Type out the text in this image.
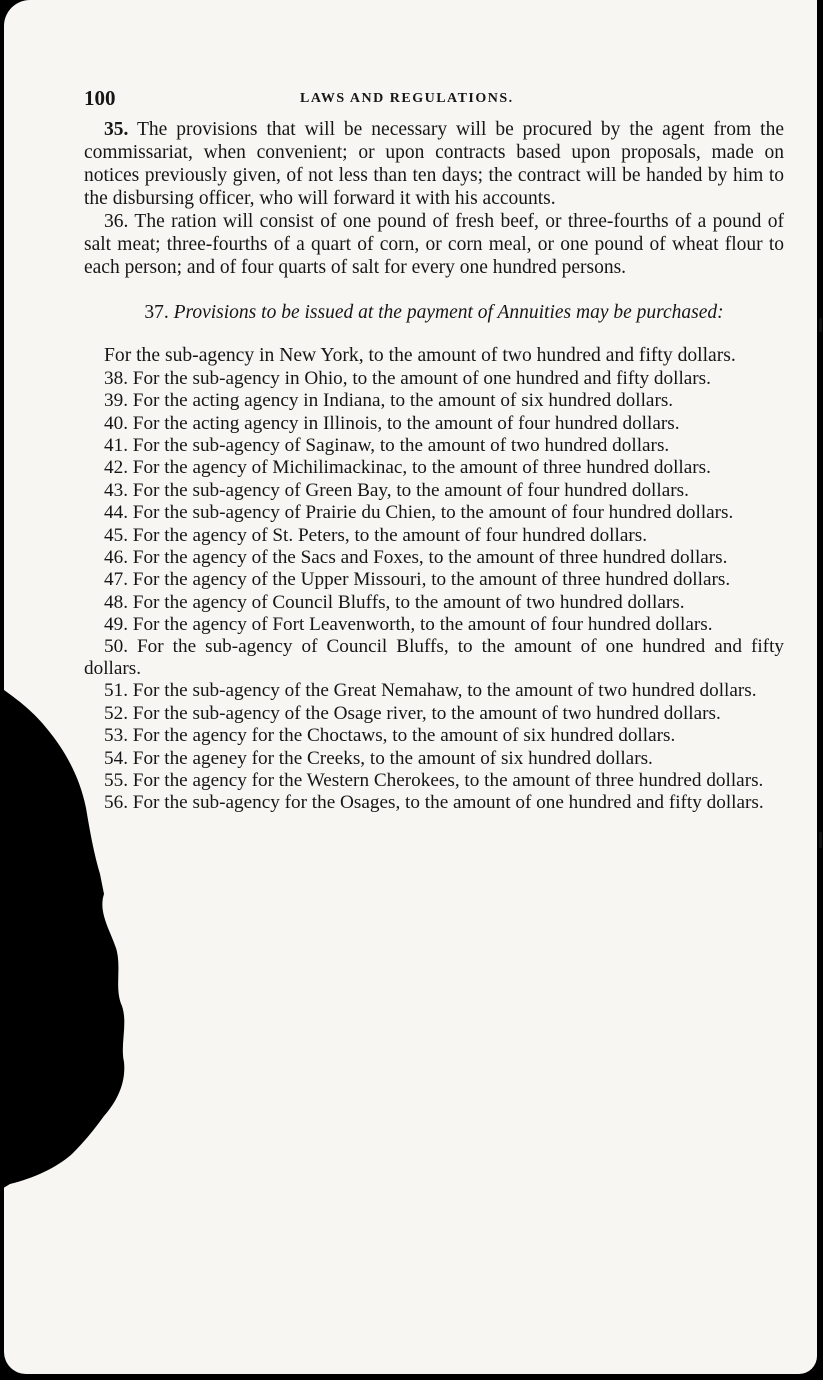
100	LAWS AND REGULATIONS.

35. The provisions that will be necessary will be procured by the agent from the commissariat, when convenient; or upon contracts based upon proposals, made on notices previously given, of not less than ten days; the contract will be handed by him to the disbursing officer, who will forward it with his accounts.

36. The ration will consist of one pound of fresh beef, or three-fourths of a pound of salt meat; three-fourths of a quart of corn, or corn meal, or one pound of wheat flour to each person; and of four quarts of salt for every one hundred persons.

37. Provisions to be issued at the payment of Annuities may be purchased:

For the sub-agency in New York, to the amount of two hundred and fifty dollars.

38. For the sub-agency in Ohio, to the amount of one hundred and fifty dollars.

39. For the acting agency in Indiana, to the amount of six hundred dollars.

40. For the acting agency in Illinois, to the amount of four hundred dollars.

41. For the sub-agency of Saginaw, to the amount of two hundred dollars.

42. For the agency of Michilimackinac, to the amount of three hundred dollars.

43. For the sub-agency of Green Bay, to the amount of four hundred dollars.

44. For the sub-agency of Prairie du Chien, to the amount of four hundred dollars.

45. For the agency of St. Peters, to the amount of four hundred dollars.

46. For the agency of the Sacs and Foxes, to the amount of three hundred dollars.

47. For the agency of the Upper Missouri, to the amount of three hundred dollars.

48. For the agency of Council Bluffs, to the amount of two hundred dollars.

49. For the agency of Fort Leavenworth, to the amount of four hundred dollars.

50. For the sub-agency of Council Bluffs, to the amount of one hundred and fifty dollars.

51. For the sub-agency of the Great Nemahaw, to the amount of two hundred dollars.

52. For the sub-agency of the Osage river, to the amount of two hundred dollars.

53. For the agency for the Choctaws, to the amount of six hundred dollars.

54. For the ageney for the Creeks, to the amount of six hundred dollars.

55. For the agency for the Western Cherokees, to the amount of three hundred dollars.

56. For the sub-agency for the Osages, to the amount of one hundred and fifty dollars.
